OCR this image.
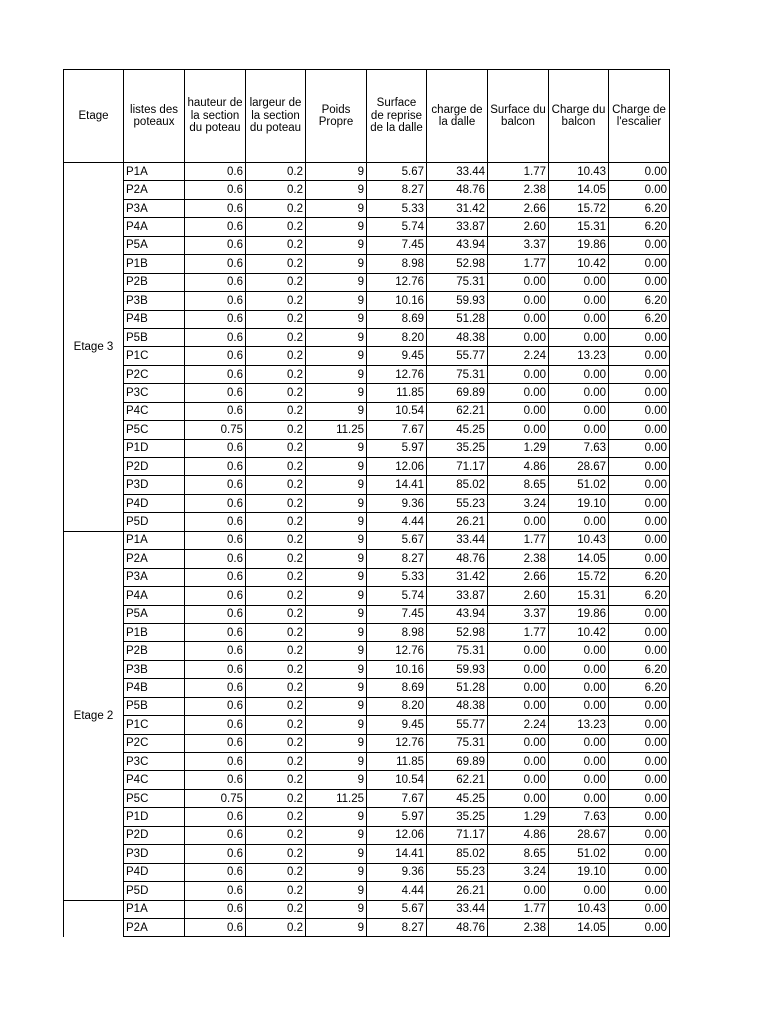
Etage	listes des poteaux	hauteur de la section du poteau	largeur de la section du poteau	Poids Propre	Surface de reprise de la dalle	charge de la dalle	Surface du balcon	Charge du balcon	Charge de l'escalier
Etage 3	P1A	0.6	0.2	9	5.67	33.44	1.77	10.43	0.00
	P2A	0.6	0.2	9	8.27	48.76	2.38	14.05	0.00
	P3A	0.6	0.2	9	5.33	31.42	2.66	15.72	6.20
	P4A	0.6	0.2	9	5.74	33.87	2.60	15.31	6.20
	P5A	0.6	0.2	9	7.45	43.94	3.37	19.86	0.00
	P1B	0.6	0.2	9	8.98	52.98	1.77	10.42	0.00
	P2B	0.6	0.2	9	12.76	75.31	0.00	0.00	0.00
	P3B	0.6	0.2	9	10.16	59.93	0.00	0.00	6.20
	P4B	0.6	0.2	9	8.69	51.28	0.00	0.00	6.20
	P5B	0.6	0.2	9	8.20	48.38	0.00	0.00	0.00
	P1C	0.6	0.2	9	9.45	55.77	2.24	13.23	0.00
	P2C	0.6	0.2	9	12.76	75.31	0.00	0.00	0.00
	P3C	0.6	0.2	9	11.85	69.89	0.00	0.00	0.00
	P4C	0.6	0.2	9	10.54	62.21	0.00	0.00	0.00
	P5C	0.75	0.2	11.25	7.67	45.25	0.00	0.00	0.00
	P1D	0.6	0.2	9	5.97	35.25	1.29	7.63	0.00
	P2D	0.6	0.2	9	12.06	71.17	4.86	28.67	0.00
	P3D	0.6	0.2	9	14.41	85.02	8.65	51.02	0.00
	P4D	0.6	0.2	9	9.36	55.23	3.24	19.10	0.00
	P5D	0.6	0.2	9	4.44	26.21	0.00	0.00	0.00
Etage 2	P1A	0.6	0.2	9	5.67	33.44	1.77	10.43	0.00
	P2A	0.6	0.2	9	8.27	48.76	2.38	14.05	0.00
	P3A	0.6	0.2	9	5.33	31.42	2.66	15.72	6.20
	P4A	0.6	0.2	9	5.74	33.87	2.60	15.31	6.20
	P5A	0.6	0.2	9	7.45	43.94	3.37	19.86	0.00
	P1B	0.6	0.2	9	8.98	52.98	1.77	10.42	0.00
	P2B	0.6	0.2	9	12.76	75.31	0.00	0.00	0.00
	P3B	0.6	0.2	9	10.16	59.93	0.00	0.00	6.20
	P4B	0.6	0.2	9	8.69	51.28	0.00	0.00	6.20
	P5B	0.6	0.2	9	8.20	48.38	0.00	0.00	0.00
	P1C	0.6	0.2	9	9.45	55.77	2.24	13.23	0.00
	P2C	0.6	0.2	9	12.76	75.31	0.00	0.00	0.00
	P3C	0.6	0.2	9	11.85	69.89	0.00	0.00	0.00
	P4C	0.6	0.2	9	10.54	62.21	0.00	0.00	0.00
	P5C	0.75	0.2	11.25	7.67	45.25	0.00	0.00	0.00
	P1D	0.6	0.2	9	5.97	35.25	1.29	7.63	0.00
	P2D	0.6	0.2	9	12.06	71.17	4.86	28.67	0.00
	P3D	0.6	0.2	9	14.41	85.02	8.65	51.02	0.00
	P4D	0.6	0.2	9	9.36	55.23	3.24	19.10	0.00
	P5D	0.6	0.2	9	4.44	26.21	0.00	0.00	0.00
	P1A	0.6	0.2	9	5.67	33.44	1.77	10.43	0.00
	P2A	0.6	0.2	9	8.27	48.76	2.38	14.05	0.00
